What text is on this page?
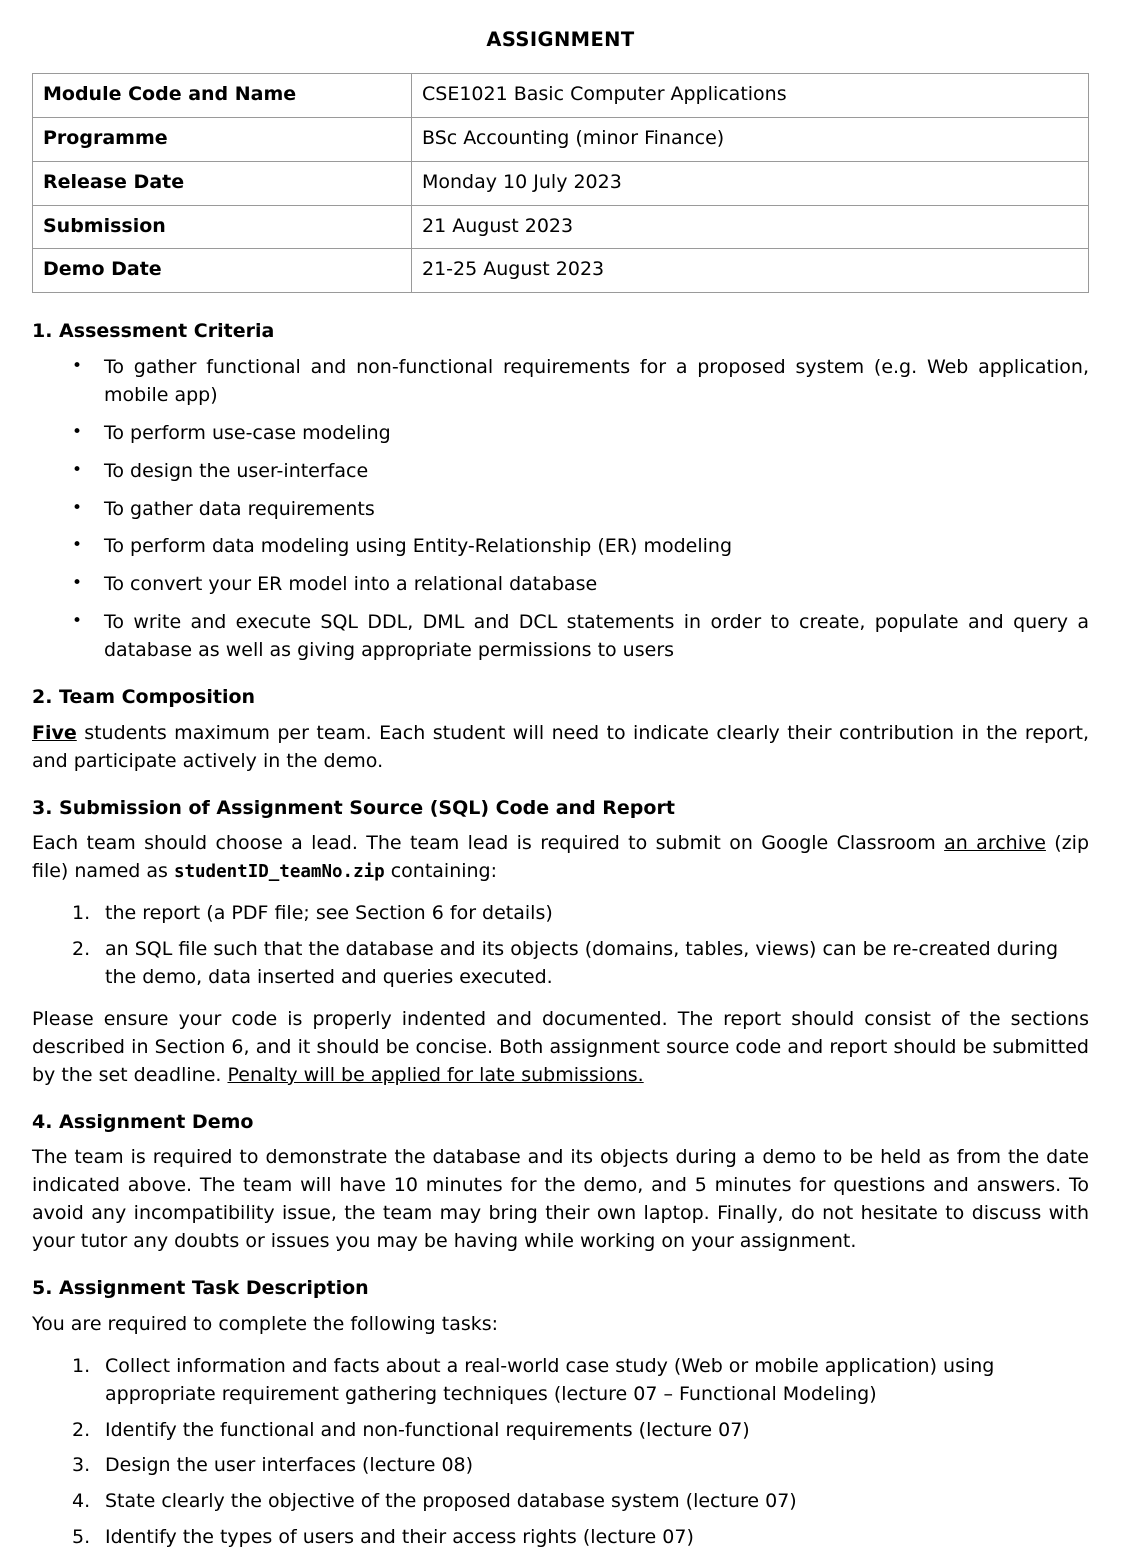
ASSIGNMENT
Module Code and Name	CSE1021 Basic Computer Applications
Programme	BSc Accounting (minor Finance)
Release Date	Monday 10 July 2023
Submission	21 August 2023
Demo Date	21-25 August 2023
1. Assessment Criteria
• To gather functional and non-functional requirements for a proposed system (e.g. Web application, mobile app)
• To perform use-case modeling
• To design the user-interface
• To gather data requirements
• To perform data modeling using Entity-Relationship (ER) modeling
• To convert your ER model into a relational database
• To write and execute SQL DDL, DML and DCL statements in order to create, populate and query a database as well as giving appropriate permissions to users
2. Team Composition

Five students maximum per team. Each student will need to indicate clearly their contribution in the report, and participate actively in the demo.

3. Submission of Assignment Source (SQL) Code and Report

Each team should choose a lead. The team lead is required to submit on Google Classroom an archive (zip file) named as studentID_teamNo.zip containing:

the report (a PDF file; see Section 6 for details)
an SQL file such that the database and its objects (domains, tables, views) can be re-created during the demo, data inserted and queries executed.

Please ensure your code is properly indented and documented. The report should consist of the sections described in Section 6, and it should be concise. Both assignment source code and report should be submitted by the set deadline. Penalty will be applied for late submissions.

4. Assignment Demo

The team is required to demonstrate the database and its objects during a demo to be held as from the date indicated above. The team will have 10 minutes for the demo, and 5 minutes for questions and answers. To avoid any incompatibility issue, the team may bring their own laptop. Finally, do not hesitate to discuss with your tutor any doubts or issues you may be having while working on your assignment.

5. Assignment Task Description

You are required to complete the following tasks:

Collect information and facts about a real-world case study (Web or mobile application) using appropriate requirement gathering techniques (lecture 07 – Functional Modeling)
Identify the functional and non-functional requirements (lecture 07)
Design the user interfaces (lecture 08)
State clearly the objective of the proposed database system (lecture 07)
Identify the types of users and their access rights (lecture 07)
